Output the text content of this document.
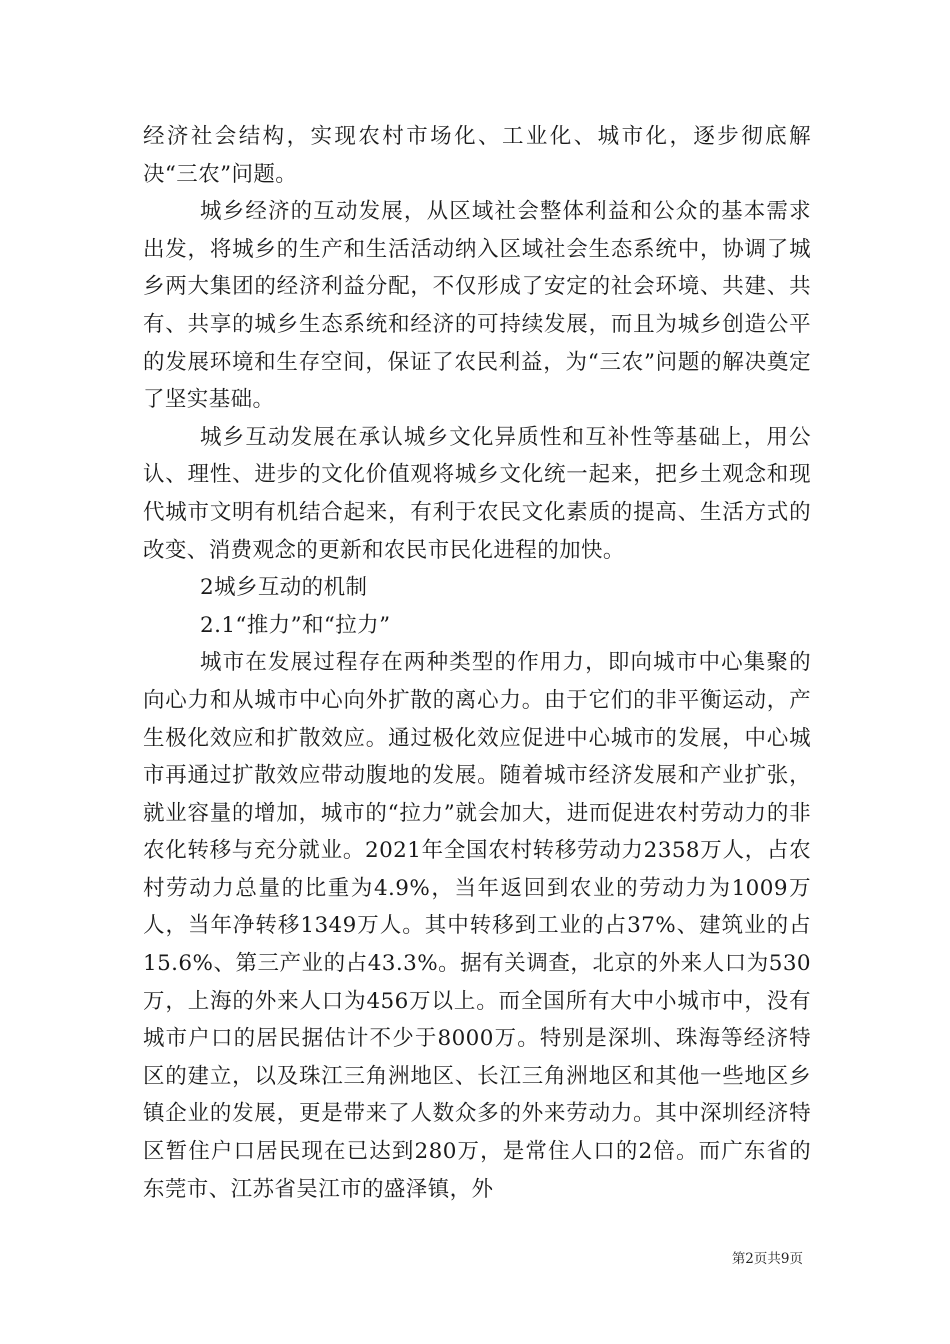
经济社会结构，实现农村市场化、工业化、城市化，逐步彻底解决“三农”问题。

城乡经济的互动发展，从区域社会整体利益和公众的基本需求出发，将城乡的生产和生活活动纳入区域社会生态系统中，协调了城乡两大集团的经济利益分配，不仅形成了安定的社会环境、共建、共有、共享的城乡生态系统和经济的可持续发展，而且为城乡创造公平的发展环境和生存空间，保证了农民利益，为“三农”问题的解决奠定了坚实基础。

城乡互动发展在承认城乡文化异质性和互补性等基础上，用公认、理性、进步的文化价值观将城乡文化统一起来，把乡土观念和现代城市文明有机结合起来，有利于农民文化素质的提高、生活方式的改变、消费观念的更新和农民市民化进程的加快。

2城乡互动的机制

2.1“推力”和“拉力”

城市在发展过程存在两种类型的作用力，即向城市中心集聚的向心力和从城市中心向外扩散的离心力。由于它们的非平衡运动，产生极化效应和扩散效应。通过极化效应促进中心城市的发展，中心城市再通过扩散效应带动腹地的发展。随着城市经济发展和产业扩张，就业容量的增加，城市的“拉力”就会加大，进而促进农村劳动力的非农化转移与充分就业。2021年全国农村转移劳动力2358万人，占农村劳动力总量的比重为4.9%，当年返回到农业的劳动力为1009万人，当年净转移1349万人。其中转移到工业的占37%、建筑业的占15.6%、第三产业的占43.3%。据有关调查，北京的外来人口为530万，上海的外来人口为456万以上。而全国所有大中小城市中，没有城市户口的居民据估计不少于8000万。特别是深圳、珠海等经济特区的建立，以及珠江三角洲地区、长江三角洲地区和其他一些地区乡镇企业的发展，更是带来了人数众多的外来劳动力。其中深圳经济特区暂住户口居民现在已达到280万，是常住人口的2倍。而广东省的东莞市、江苏省吴江市的盛泽镇，外

第2页共9页
